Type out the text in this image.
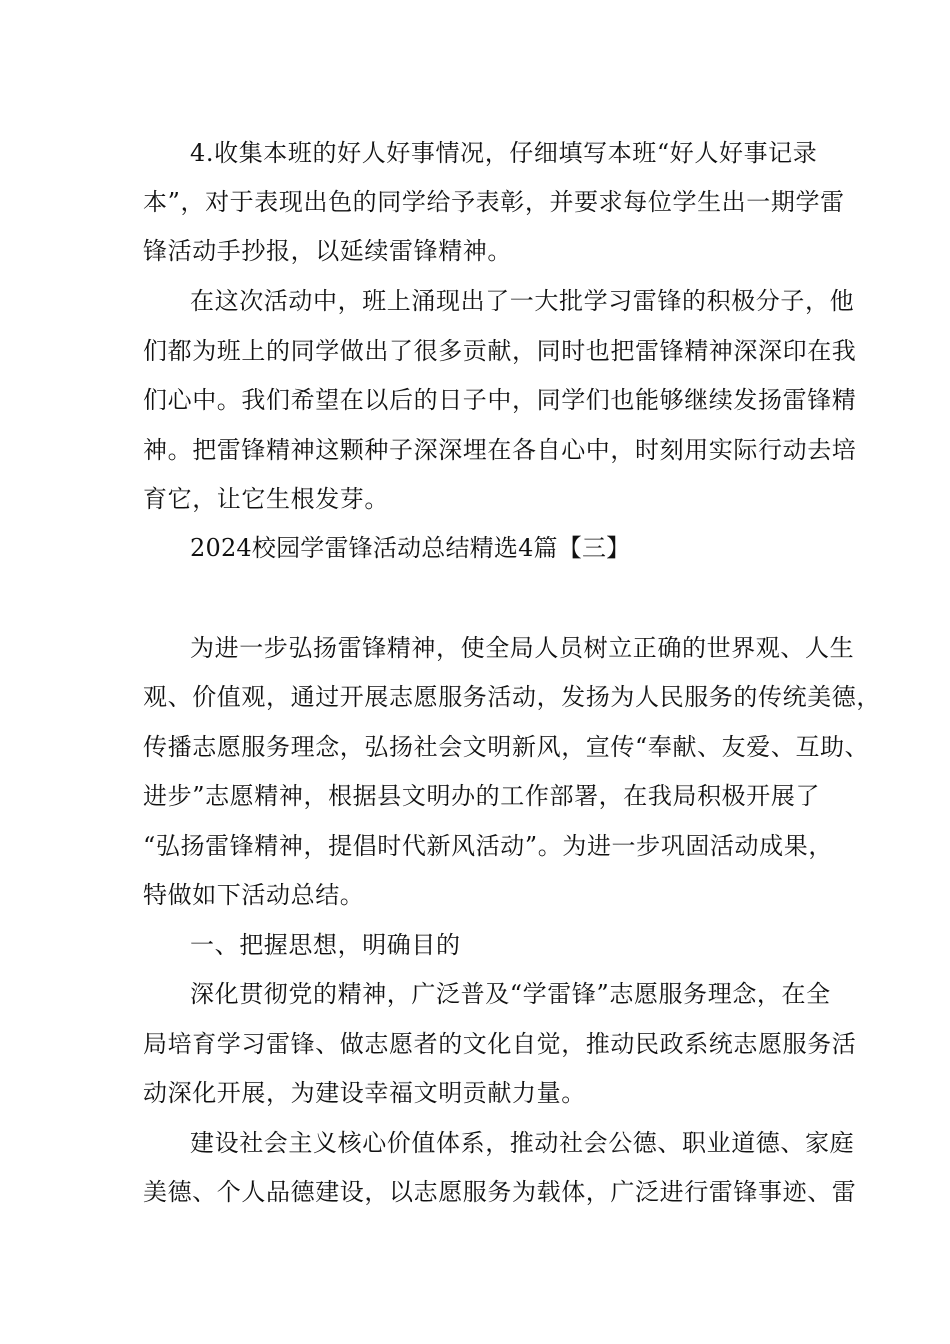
4.收集本班的好人好事情况，仔细填写本班“好人好事记录
本”，对于表现出色的同学给予表彰，并要求每位学生出一期学雷
锋活动手抄报，以延续雷锋精神。
在这次活动中，班上涌现出了一大批学习雷锋的积极分子，他
们都为班上的同学做出了很多贡献，同时也把雷锋精神深深印在我
们心中。我们希望在以后的日子中，同学们也能够继续发扬雷锋精
神。把雷锋精神这颗种子深深埋在各自心中，时刻用实际行动去培
育它，让它生根发芽。
2024校园学雷锋活动总结精选4篇【三】
为进一步弘扬雷锋精神，使全局人员树立正确的世界观、人生
观、价值观，通过开展志愿服务活动，发扬为人民服务的传统美德，
传播志愿服务理念，弘扬社会文明新风，宣传“奉献、友爱、互助、
进步”志愿精神，根据县文明办的工作部署，在我局积极开展了
“弘扬雷锋精神，提倡时代新风活动”。为进一步巩固活动成果，
特做如下活动总结。
一、把握思想，明确目的
深化贯彻党的精神，广泛普及“学雷锋”志愿服务理念，在全
局培育学习雷锋、做志愿者的文化自觉，推动民政系统志愿服务活
动深化开展，为建设幸福文明贡献力量。
建设社会主义核心价值体系，推动社会公德、职业道德、家庭
美德、个人品德建设，以志愿服务为载体，广泛进行雷锋事迹、雷
